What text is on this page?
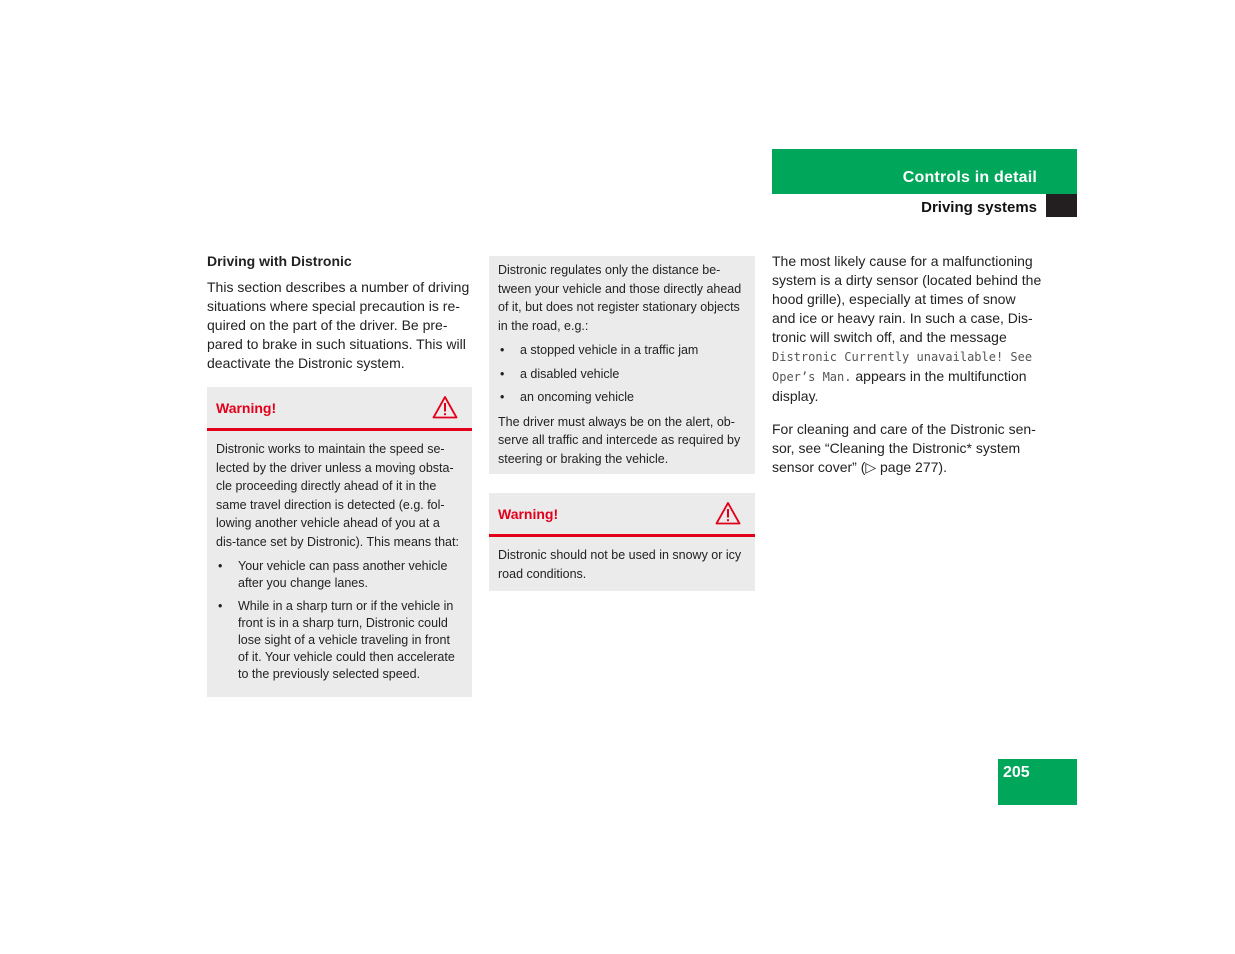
Controls in detail
Driving systems
Driving with Distronic

This section describes a number of driving situations where special precaution is re-quired on the part of the driver. Be pre-pared to brake in such situations. This will deactivate the Distronic system.

Warning!
Distronic works to maintain the speed se-lected by the driver unless a moving obsta-cle proceeding directly ahead of it in the same travel direction is detected (e.g. fol-lowing another vehicle ahead of you at a dis-tance set by Distronic). This means that:
• Your vehicle can pass another vehicle after you change lanes.
• While in a sharp turn or if the vehicle in front is in a sharp turn, Distronic could lose sight of a vehicle traveling in front of it. Your vehicle could then accelerate to the previously selected speed.
Distronic regulates only the distance be-tween your vehicle and those directly ahead of it, but does not register stationary objects in the road, e.g.:
• a stopped vehicle in a traffic jam
• a disabled vehicle
• an oncoming vehicle
The driver must always be on the alert, ob-serve all traffic and intercede as required by steering or braking the vehicle.
Warning!
Distronic should not be used in snowy or icy road conditions.

The most likely cause for a malfunctioning system is a dirty sensor (located behind the hood grille), especially at times of snow and ice or heavy rain. In such a case, Dis-tronic will switch off, and the message Distronic Currently unavailable! See Oper’s Man. appears in the multifunction display.

For cleaning and care of the Distronic sen-sor, see “Cleaning the Distronic* system sensor cover” (▷ page 277).

205
